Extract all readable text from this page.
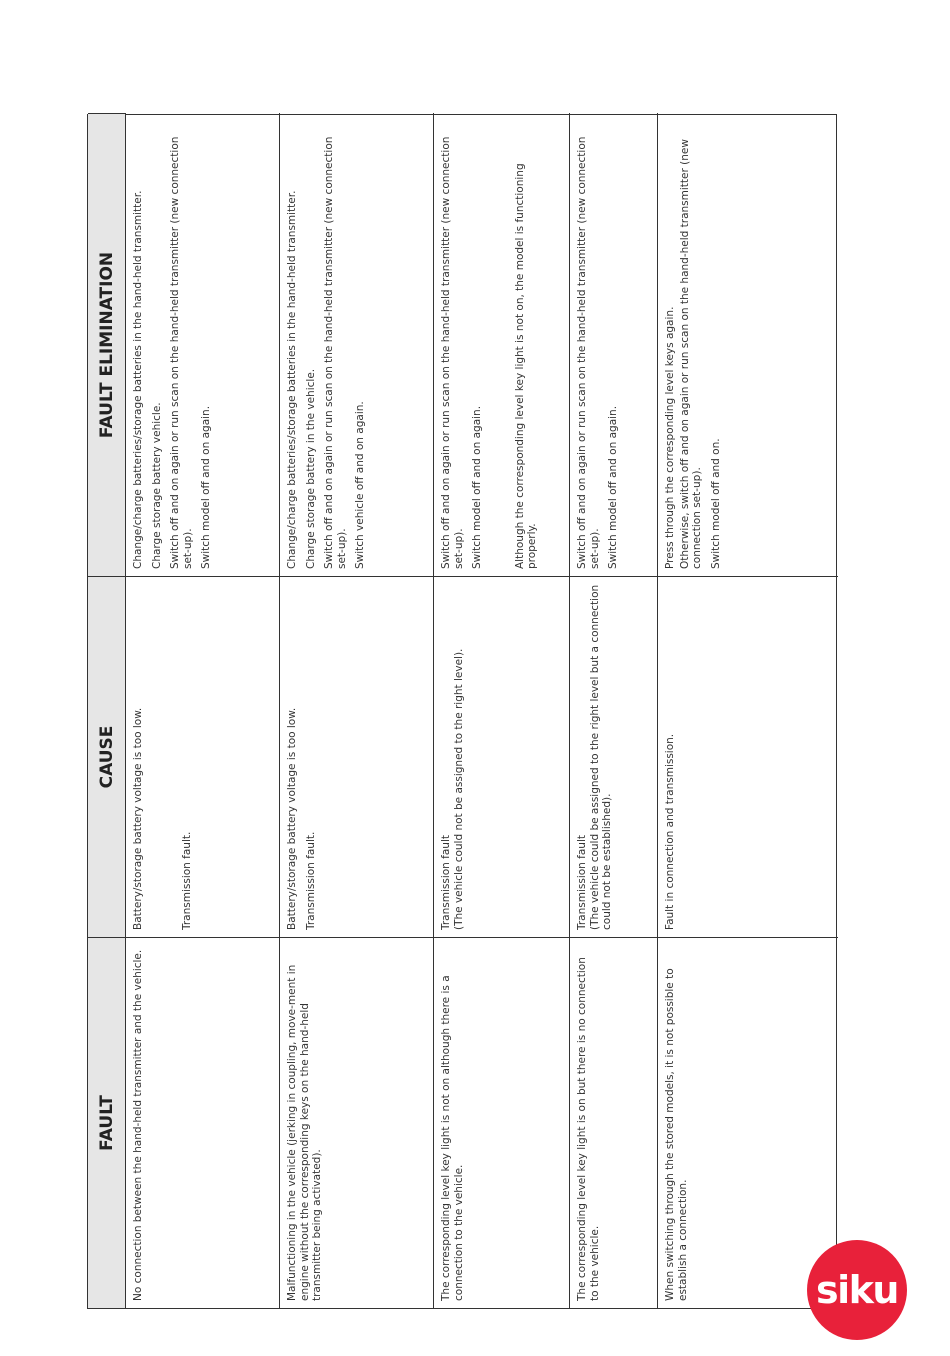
FAULT
CAUSE
FAULT ELIMINATION

No connection between the hand-held transmitter and the vehicle.

Battery/storage battery voltage is too low.	Transmission fault.

Change/charge batteries/storage batteries in the hand-held transmitter. Charge storage battery vehicle. Switch off and on again or run scan on the hand-held transmitter (new connection set-up). Switch model off and on again.

Malfunctioning in the vehicle (jerking in coupling, move-ment in engine without the corresponding keys on the hand-held transmitter being activated).

Battery/storage battery voltage is too low. Transmission fault.

Change/charge batteries/storage batteries in the hand-held transmitter. Charge storage battery in the vehicle. Switch off and on again or run scan on the hand-held transmitter (new connection set-up). Switch vehicle off and on again.

The corresponding level key light is not on although there is a connection to the vehicle.

Transmission fault (The vehicle could not be assigned to the right level).

Switch off and on again or run scan on the hand-held transmitter (new connection set-up). Switch model off and on again.	Although the corresponding level key light is not on, the model is functioning properly.

The corresponding level key light is on but there is no connection to the vehicle.

Transmission fault (The vehicle could be assigned to the right level but a connection could not be established).

Switch off and on again or run scan on the hand-held transmitter (new connection set-up). Switch model off and on again.

When switching through the stored models, it is not possible to establish a connection.

Fault in connection and transmission.

Press through the corresponding level keys again. Otherwise, switch off and on again or run scan on the hand-held transmitter (new connection set-up). Switch model off and on.

siku
